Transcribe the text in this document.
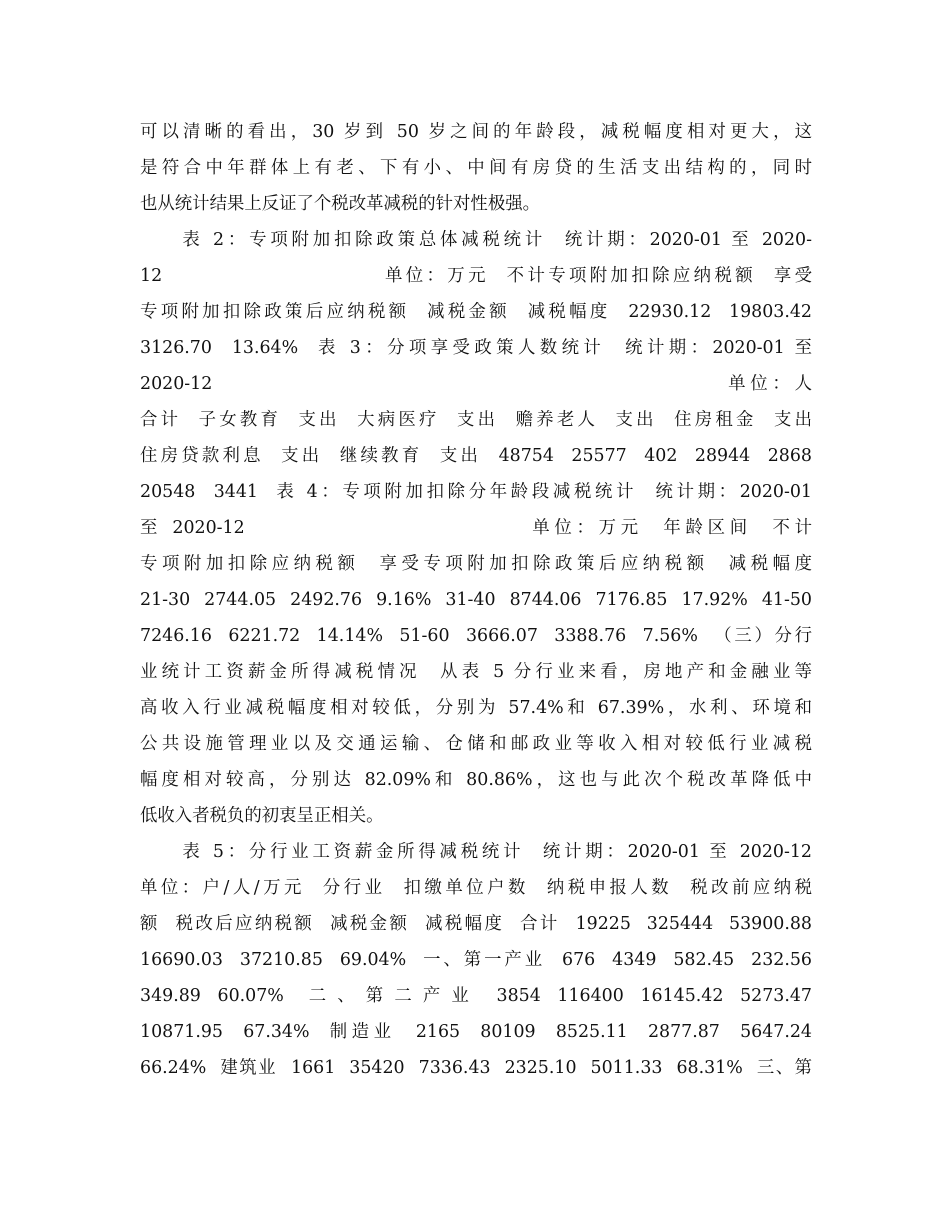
可以清晰的看出，30 岁到 50 岁之间的年龄段，减税幅度相对更大，这
是符合中年群体上有老、下有小、中间有房贷的生活支出结构的，同时
也从统计结果上反证了个税改革减税的针对性极强。
　　表 2：专项附加扣除政策总体减税统计  统计期：2020-01 至 2020-
12                         单位：万元  不计专项附加扣除应纳税额  享受
专项附加扣除政策后应纳税额  减税金额  减税幅度  22930.12  19803.42
3126.70  13.64%  表 3：分项享受政策人数统计  统计期：2020-01 至
2020-12                                                  单位：人
合计  子女教育  支出  大病医疗  支出  赡养老人  支出  住房租金  支出
住房贷款利息  支出  继续教育  支出  48754  25577  402  28944  2868
20548  3441  表 4：专项附加扣除分年龄段减税统计  统计期：2020-01
至 2020-12                            单位：万元  年龄区间  不计
专项附加扣除应纳税额  享受专项附加扣除政策后应纳税额  减税幅度
21-30  2744.05  2492.76  9.16%  31-40  8744.06  7176.85  17.92%  41-50
7246.16  6221.72  14.14%  51-60  3666.07  3388.76  7.56%  （三）分行
业统计工资薪金所得减税情况  从表 5 分行业来看，房地产和金融业等
高收入行业减税幅度相对较低，分别为 57.4%和 67.39%，水利、环境和
公共设施管理业以及交通运输、仓储和邮政业等收入相对较低行业减税
幅度相对较高，分别达 82.09%和 80.86%，这也与此次个税改革降低中
低收入者税负的初衷呈正相关。
　　表 5：分行业工资薪金所得减税统计  统计期：2020-01 至 2020-12
单位：户/人/万元  分行业  扣缴单位户数  纳税申报人数  税改前应纳税
额  税改后应纳税额  减税金额  减税幅度  合计  19225  325444  53900.88
16690.03  37210.85  69.04%  一、第一产业  676  4349  582.45  232.56
349.89  60.07%   二 、 第 二 产 业   3854  116400  16145.42  5273.47
10871.95  67.34%  制造业  2165  80109  8525.11  2877.87  5647.24
66.24%  建筑业  1661  35420  7336.43  2325.10  5011.33  68.31%  三、第
